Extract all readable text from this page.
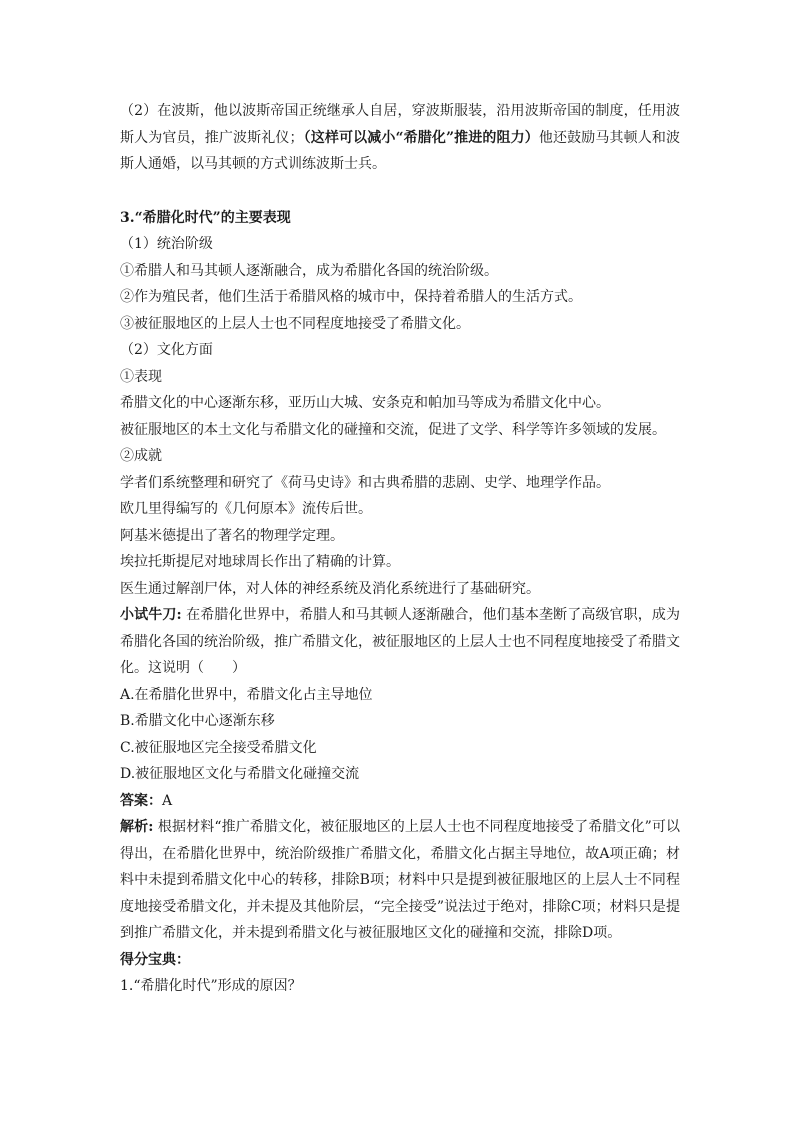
（2）在波斯，他以波斯帝国正统继承人自居，穿波斯服装，沿用波斯帝国的制度，任用波斯人为官员，推广波斯礼仪；（这样可以减小“希腊化”推进的阻力）他还鼓励马其顿人和波斯人通婚，以马其顿的方式训练波斯士兵。

3.“希腊化时代”的主要表现

（1）统治阶级

①希腊人和马其顿人逐渐融合，成为希腊化各国的统治阶级。

②作为殖民者，他们生活于希腊风格的城市中，保持着希腊人的生活方式。

③被征服地区的上层人士也不同程度地接受了希腊文化。

（2）文化方面

①表现

希腊文化的中心逐渐东移，亚历山大城、安条克和帕加马等成为希腊文化中心。

被征服地区的本土文化与希腊文化的碰撞和交流，促进了文学、科学等许多领域的发展。

②成就

学者们系统整理和研究了《荷马史诗》和古典希腊的悲剧、史学、地理学作品。

欧几里得编写的《几何原本》流传后世。

阿基米德提出了著名的物理学定理。

埃拉托斯提尼对地球周长作出了精确的计算。

医生通过解剖尸体，对人体的神经系统及消化系统进行了基础研究。

小试牛刀: 在希腊化世界中，希腊人和马其顿人逐渐融合，他们基本垄断了高级官职，成为希腊化各国的统治阶级，推广希腊文化，被征服地区的上层人士也不同程度地接受了希腊文化。这说明（　　）

A.在希腊化世界中，希腊文化占主导地位

B.希腊文化中心逐渐东移

C.被征服地区完全接受希腊文化

D.被征服地区文化与希腊文化碰撞交流

答案：A

解析: 根据材料“推广希腊文化，被征服地区的上层人士也不同程度地接受了希腊文化”可以得出，在希腊化世界中，统治阶级推广希腊文化，希腊文化占据主导地位，故A项正确；材料中未提到希腊文化中心的转移，排除B项；材料中只是提到被征服地区的上层人士不同程度地接受希腊文化，并未提及其他阶层，“完全接受”说法过于绝对，排除C项；材料只是提到推广希腊文化，并未提到希腊文化与被征服地区文化的碰撞和交流，排除D项。

得分宝典：

1.“希腊化时代”形成的原因？
